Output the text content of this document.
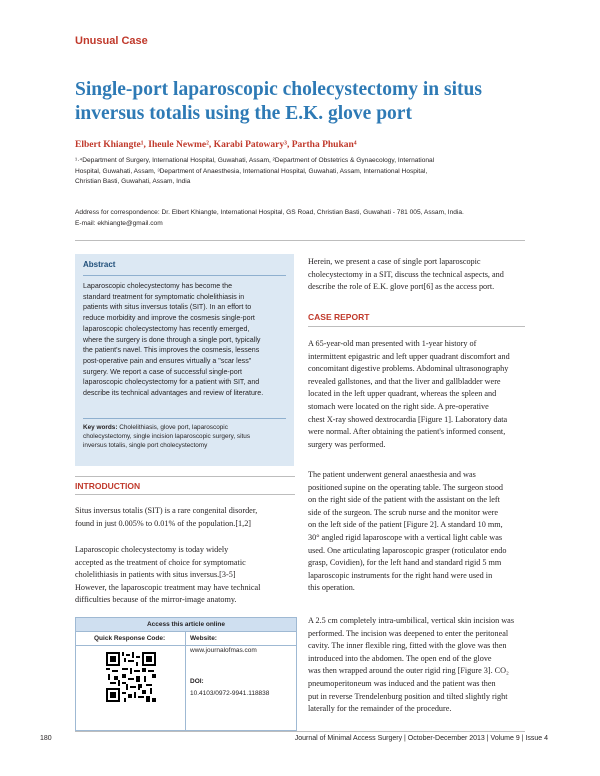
Unusual Case
Single-port laparoscopic cholecystectomy in situs inversus totalis using the E.K. glove port
Elbert Khiangte¹, Iheule Newme², Karabi Patowary³, Partha Phukan⁴
¹·⁴Department of Surgery, International Hospital, Guwahati, Assam, ²Department of Obstetrics & Gynaecology, International
Hospital, Guwahati, Assam, ³Department of Anaesthesia, International Hospital, Guwahati, Assam, International Hospital,
Christian Basti, Guwahati, Assam, India
Address for correspondence: Dr. Elbert Khiangte, International Hospital, GS Road, Christian Basti, Guwahati - 781 005, Assam, India.
E-mail: ekhiangte@gmail.com
Abstract
Laparoscopic cholecystectomy has become the
standard treatment for symptomatic cholelithiasis in
patients with situs inversus totalis (SIT). In an effort to
reduce morbidity and improve the cosmesis single-port
laparoscopic cholecystectomy has recently emerged,
where the surgery is done through a single port, typically
the patient's navel. This improves the cosmesis, lessens
post-operative pain and ensures virtually a "scar less"
surgery. We report a case of successful single-port
laparoscopic cholecystectomy for a patient with SIT, and
describe its technical advantages and review of literature.
Key words: Cholelithiasis, glove port, laparoscopic
cholecystectomy, single incision laparoscopic surgery, situs
inversus totalis, single port cholecystectomy
INTRODUCTION
Situs inversus totalis (SIT) is a rare congenital disorder,
found in just 0.005% to 0.01% of the population.[1,2]
Laparoscopic cholecystectomy is today widely
accepted as the treatment of choice for symptomatic
cholelithiasis in patients with situs inversus.[3-5]
However, the laparoscopic treatment may have technical
difficulties because of the mirror-image anatomy.
Access this article online
Quick Response Code:	Website:
www.journalofmas.com
DOI:
10.4103/0972-9941.118838
Herein, we present a case of single port laparoscopic
cholecystectomy in a SIT, discuss the technical aspects, and
describe the role of E.K. glove port[6] as the access port.
CASE REPORT
A 65-year-old man presented with 1-year history of
intermittent epigastric and left upper quadrant discomfort and
concomitant digestive problems. Abdominal ultrasonography
revealed gallstones, and that the liver and gallbladder were
located in the left upper quadrant, whereas the spleen and
stomach were located on the right side. A pre-operative
chest X-ray showed dextrocardia [Figure 1]. Laboratory data
were normal. After obtaining the patient's informed consent,
surgery was performed.
The patient underwent general anaesthesia and was
positioned supine on the operating table. The surgeon stood
on the right side of the patient with the assistant on the left
side of the surgeon. The scrub nurse and the monitor were
on the left side of the patient [Figure 2]. A standard 10 mm,
30° angled rigid laparoscope with a vertical light cable was
used. One articulating laparoscopic grasper (roticulator endo
grasp, Covidien), for the left hand and standard rigid 5 mm
laparoscopic instruments for the right hand were used in
this operation.
A 2.5 cm completely intra-umbilical, vertical skin incision was
performed. The incision was deepened to enter the peritoneal
cavity. The inner flexible ring, fitted with the glove was then
introduced into the abdomen. The open end of the glove
was then wrapped around the outer rigid ring [Figure 3]. CO₂
pneumoperitoneum was induced and the patient was then
put in reverse Trendelenburg position and tilted slightly right
laterally for the remainder of the procedure.
180	Journal of Minimal Access Surgery | October-December 2013 | Volume 9 | Issue 4
